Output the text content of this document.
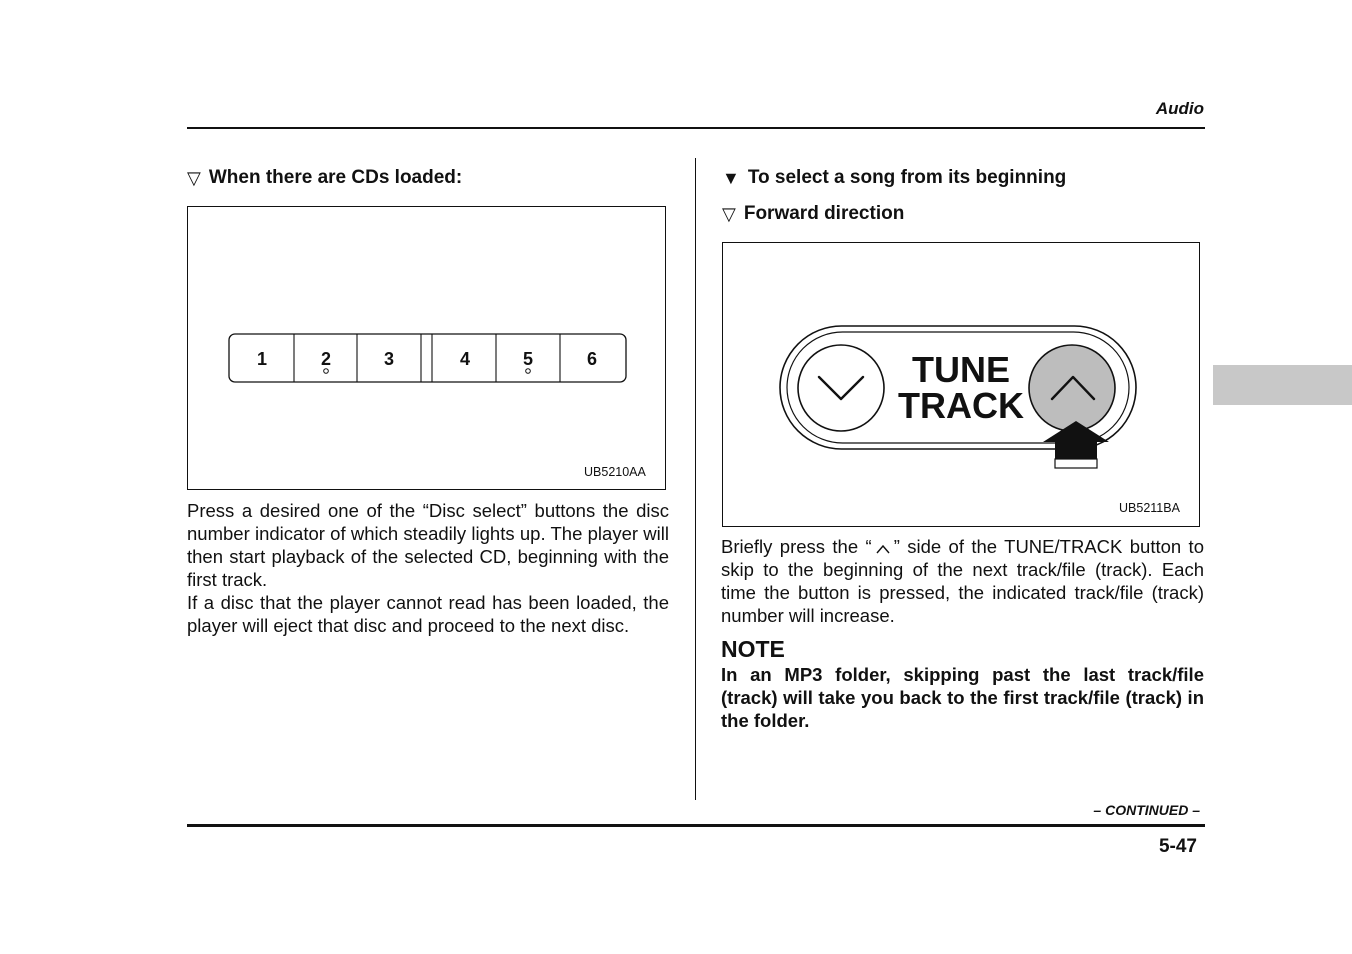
Audio
▽ When there are CDs loaded:
1	2	3	4	5	6
UB5210AA

Press a desired one of the “Disc select” buttons the disc number indicator of which steadily lights up. The player will then start playback of the selected CD, beginning with the first track.

If a disc that the player cannot read has been loaded, the player will eject that disc and proceed to the next disc.

▼ To select a song from its beginning
▽ Forward direction
TUNE
TRACK
UB5211BA

Briefly press the “ ” side of the TUNE/TRACK button to skip to the beginning of the next track/file (track). Each time the button is pressed, the indicated track/file (track) number will increase.

NOTE
In an MP3 folder, skipping past the last track/file (track) will take you back to the first track/file (track) in the folder.
– CONTINUED –
5-47
